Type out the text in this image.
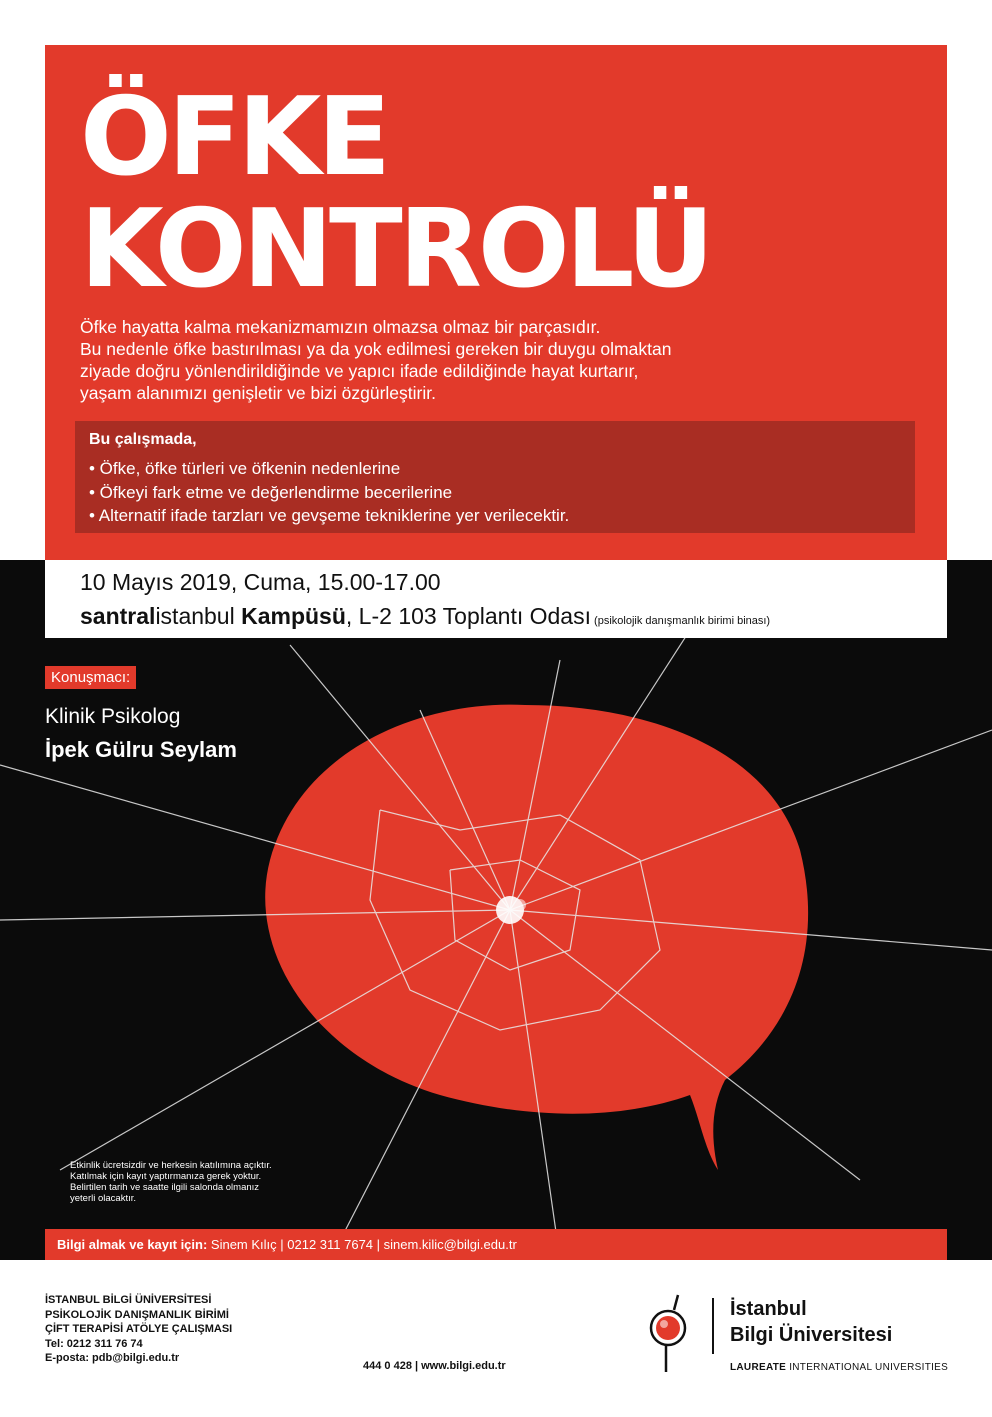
ÖFKE
KONTROLÜ
Öfke hayatta kalma mekanizmamızın olmazsa olmaz bir parçasıdır.
Bu nedenle öfke bastırılması ya da yok edilmesi gereken bir duygu olmaktan
ziyade doğru yönlendirildiğinde ve yapıcı ifade edildiğinde hayat kurtarır,
yaşam alanımızı genişletir ve bizi özgürleştirir.
Bu çalışmada,
• Öfke, öfke türleri ve öfkenin nedenlerine
• Öfkeyi fark etme ve değerlendirme becerilerine
• Alternatif ifade tarzları ve gevşeme tekniklerine yer verilecektir.
10 Mayıs 2019, Cuma, 15.00-17.00
santralistanbul Kampüsü, L-2 103 Toplantı Odası (psikolojik danışmanlık birimi binası)
Konuşmacı:
Klinik Psikolog
İpek Gülru Seylam
Etkinlik ücretsizdir ve herkesin katılımına açıktır.
Katılmak için kayıt yaptırmanıza gerek yoktur.
Belirtilen tarih ve saatte ilgili salonda olmanız
yeterli olacaktır.
Bilgi almak ve kayıt için: Sinem Kılıç | 0212 311 7674 | sinem.kilic@bilgi.edu.tr
İSTANBUL BİLGİ ÜNİVERSİTESİ
PSİKOLOJİK DANIŞMANLIK BİRİMİ
ÇİFT TERAPİSİ ATÖLYE ÇALIŞMASI
Tel: 0212 311 76 74
E-posta: pdb@bilgi.edu.tr
444 0 428 | www.bilgi.edu.tr
İstanbul
Bilgi Üniversitesi
LAUREATE INTERNATIONAL UNIVERSITIES
